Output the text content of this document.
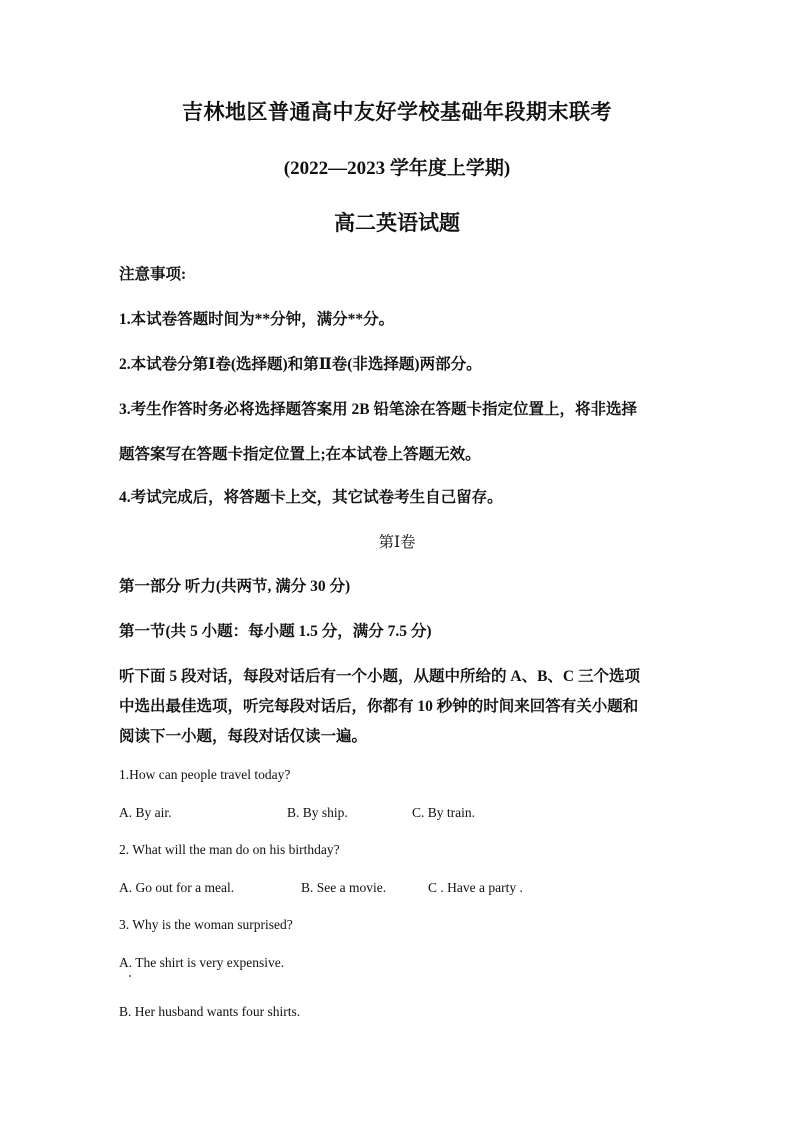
吉林地区普通高中友好学校基础年段期末联考
(2022—2023 学年度上学期)
高二英语试题
注意事项:
1.本试卷答题时间为**分钟，满分**分。
2.本试卷分第Ⅰ卷(选择题)和第Ⅱ卷(非选择题)两部分。
3.考生作答时务必将选择题答案用 2B 铅笔涂在答题卡指定位置上，将非选择
题答案写在答题卡指定位置上;在本试卷上答题无效。
4.考试完成后，将答题卡上交，其它试卷考生自己留存。
第Ⅰ卷
第一部分 听力(共两节, 满分 30 分)
第一节(共 5 小题：每小题 1.5 分，满分 7.5 分)
听下面 5 段对话，每段对话后有一个小题，从题中所给的 A、B、C 三个选项
中选出最佳选项，听完每段对话后，你都有 10 秒钟的时间来回答有关小题和
阅读下一小题，每段对话仅读一遍。
1.How can people travel today?
A. By air.	B. By ship.	C. By train.
2. What will the man do on his birthday?
A. Go out for a meal.	B. See a movie.	C . Have a party .
3. Why is the woman surprised?
A. The shirt is very expensive.
B. Her husband wants four shirts.
